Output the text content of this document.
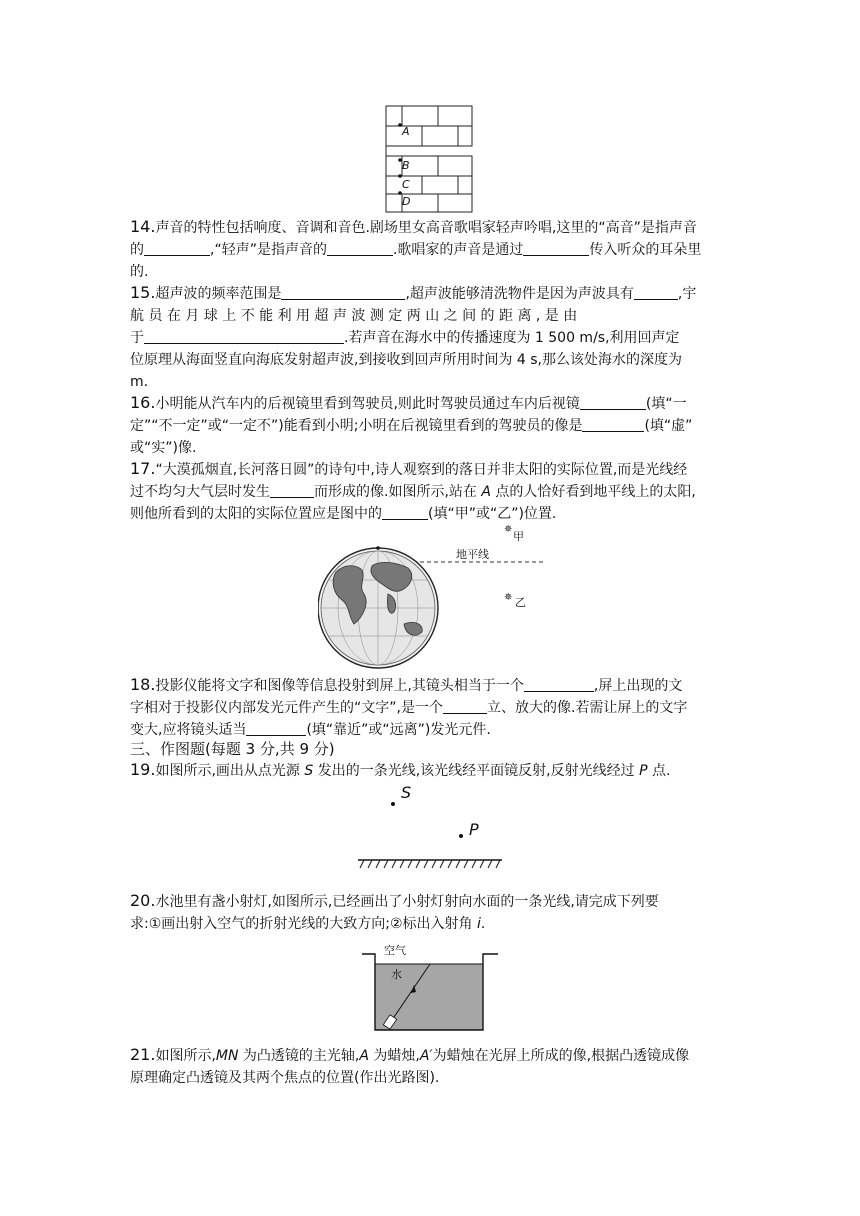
A
B
C
D
14.声音的特性包括响度、音调和音色.剧场里女高音歌唱家轻声吟唱,这里的“高音”是指声音
的	,“轻声”是指声音的	.歌唱家的声音是通过	传入听众的耳朵里
的.
15.超声波的频率范围是	,超声波能够清洗物件是因为声波具有	,宇
航 员 在 月 球 上 不 能 利 用 超 声 波 测 定 两 山 之 间 的 距 离 , 是 由
于	.若声音在海水中的传播速度为 1 500 m/s,利用回声定
位原理从海面竖直向海底发射超声波,到接收到回声所用时间为 4 s,那么该处海水的深度为
m.
16.小明能从汽车内的后视镜里看到驾驶员,则此时驾驶员通过车内后视镜	(填“一
定”“不一定”或“一定不”)能看到小明;小明在后视镜里看到的驾驶员的像是	(填“虚”
或“实”)像.
17.“大漠孤烟直,长河落日圆”的诗句中,诗人观察到的落日并非太阳的实际位置,而是光线经
过不均匀大气层时发生	而形成的像.如图所示,站在 A 点的人恰好看到地平线上的太阳,
则他所看到的太阳的实际位置应是图中的	(填“甲”或“乙”)位置.
地平线
✵
甲
✵ 乙
18.投影仪能将文字和图像等信息投射到屏上,其镜头相当于一个	,屏上出现的文
字相对于投影仪内部发光元件产生的“文字”,是一个	立、放大的像.若需让屏上的文字
变大,应将镜头适当	(填“靠近”或“远离”)发光元件.
三、作图题(每题 3 分,共 9 分)
19.如图所示,画出从点光源 S 发出的一条光线,该光线经平面镜反射,反射光线经过 P 点.
S
P
20.水池里有盏小射灯,如图所示,已经画出了小射灯射向水面的一条光线,请完成下列要
求:①画出射入空气的折射光线的大致方向;②标出入射角 i.
空气
水
21.如图所示,MN 为凸透镜的主光轴,A 为蜡烛,A′为蜡烛在光屏上所成的像,根据凸透镜成像
原理确定凸透镜及其两个焦点的位置(作出光路图).
